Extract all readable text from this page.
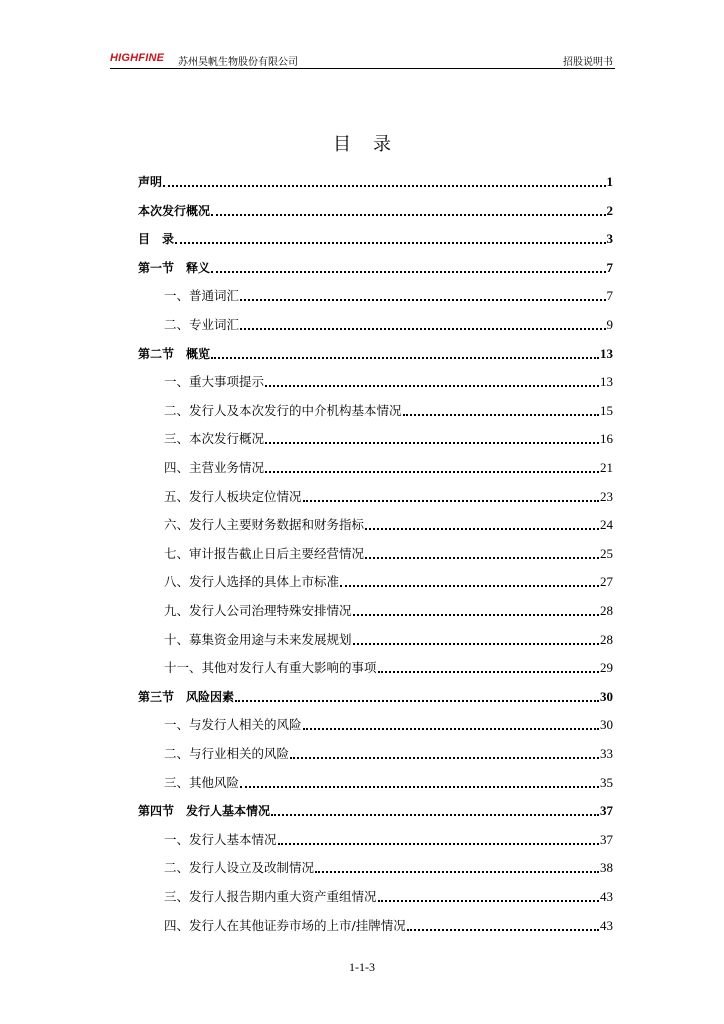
HIGHFINE 苏州昊帆生物股份有限公司	招股说明书
目录
声明	1
本次发行概况	2
目　录	3
第一节　释义	7
一、普通词汇	7
二、专业词汇	9
第二节　概览	13
一、重大事项提示	13
二、发行人及本次发行的中介机构基本情况	15
三、本次发行概况	16
四、主营业务情况	21
五、发行人板块定位情况	23
六、发行人主要财务数据和财务指标	24
七、审计报告截止日后主要经营情况	25
八、发行人选择的具体上市标准	27
九、发行人公司治理特殊安排情况	28
十、募集资金用途与未来发展规划	28
十一、其他对发行人有重大影响的事项	29
第三节　风险因素	30
一、与发行人相关的风险	30
二、与行业相关的风险	33
三、其他风险	35
第四节　发行人基本情况	37
一、发行人基本情况	37
二、发行人设立及改制情况	38
三、发行人报告期内重大资产重组情况	43
四、发行人在其他证券市场的上市/挂牌情况	43
1-1-3
